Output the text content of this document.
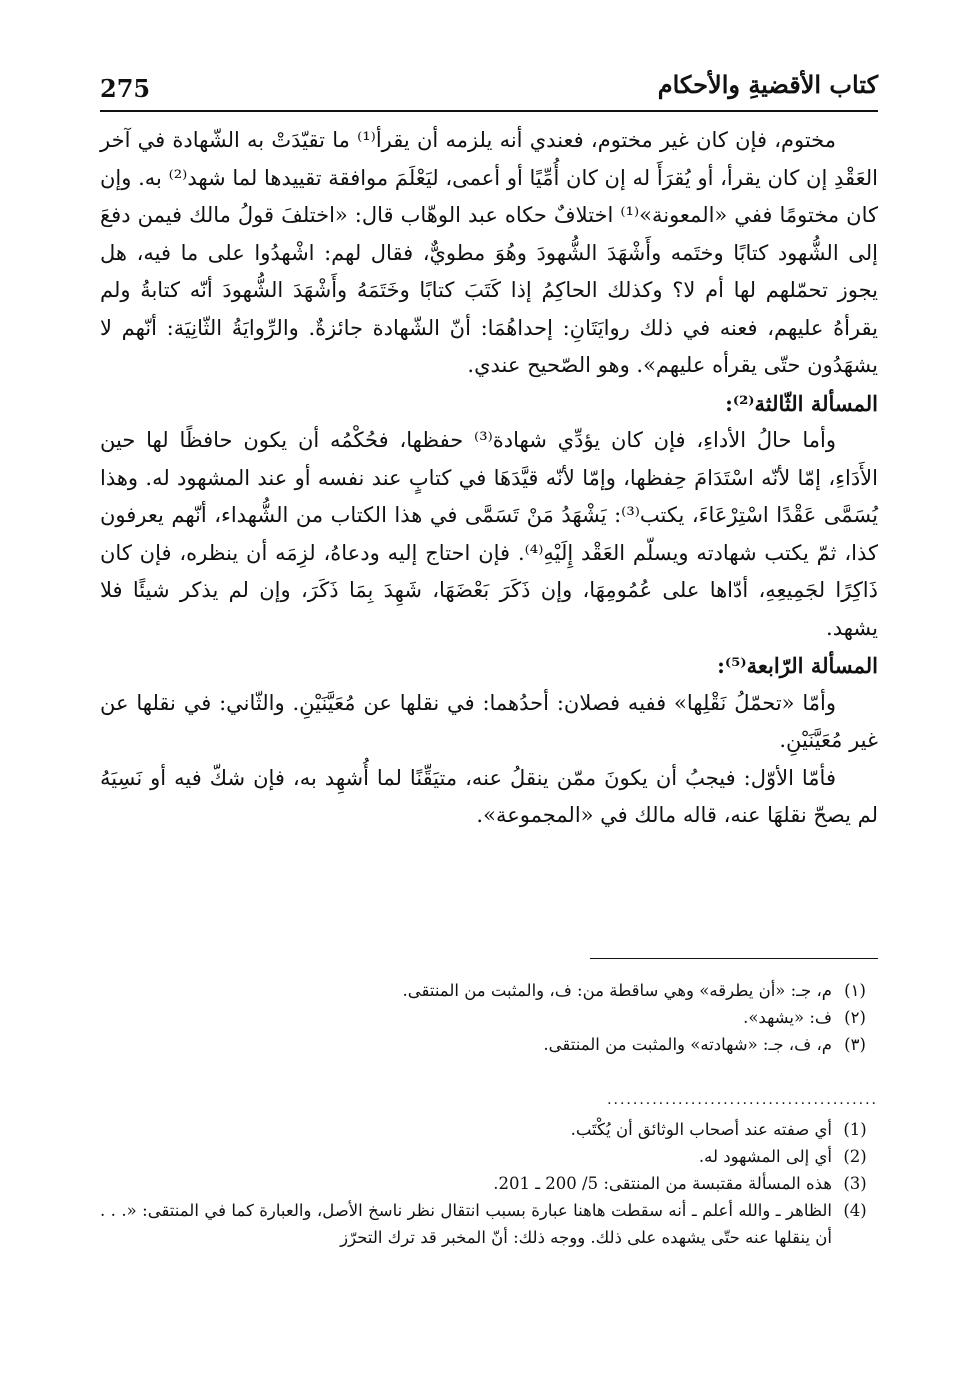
275	كتاب الأقضيةِ والأحكام

مختوم، فإن كان غير مختوم، فعندي أنه يلزمه أن يقرأ⁽¹⁾ ما تقيّدَتْ به الشّهادة في آخر العَقْدِ إن كان يقرأ، أو يُقرَأَ له إن كان أُمِّيًا أو أعمى، ليَعْلَمَ موافقة تقييدها لما شهد⁽²⁾ به. وإن كان مختومًا ففي «المعونة»⁽¹⁾ اختلافٌ حكاه عبد الوهّاب قال: «اختلفَ قولُ مالك فيمن دفعَ إلى الشُّهود كتابًا وختَمه وأَشْهَدَ الشُّهودَ وهُوَ مطويٌّ، فقال لهم: اشْهدُوا على ما فيه، هل يجوز تحمّلهم لها أم لا؟ وكذلك الحاكِمُ إذا كَتَبَ كتابًا وخَتَمَهُ وأَشْهَدَ الشُّهودَ أنّه كتابةُ ولم يقرأهُ عليهم، فعنه في ذلك روايَتَانِ: إحداهُمَا: أنّ الشّهادة جائزةٌ. والرِّوايَةُ الثّانِيَة: أنّهم لا يشهَدُون حتّى يقرأه عليهم». وهو الصّحيح عندي.

المسألة الثّالثة⁽²⁾:

وأما حالُ الأداءِ، فإن كان يؤدِّي شهادة⁽³⁾ حفظها، فحُكْمُه أن يكون حافظًا لها حين الأَدَاءِ، إمّا لأنّه اسْتَدَامَ حِفظها، وإمّا لأنّه قيَّدَهَا في كتابٍ عند نفسه أو عند المشهود له. وهذا يُسَمَّى عَقْدًا اسْتِرْعَاءَ، يكتب⁽³⁾: يَشْهَدُ مَنْ تَسَمَّى في هذا الكتاب من الشُّهداء، أنّهم يعرفون كذا، ثمّ يكتب شهادته ويسلّم العَقْد إِلَيْهِ⁽⁴⁾. فإن احتاج إليه ودعاهُ، لزِمَه أن ينظره، فإن كان ذَاكِرًا لجَمِيعِهِ، أدّاها على عُمُومِهَا، وإن ذَكَرَ بَعْضَهَا، شَهِدَ بِمَا ذَكَرَ، وإن لم يذكر شيئًا فلا يشهد.

المسألة الرّابعة⁽⁵⁾:

وأمّا «تحمّلُ نَقْلِها» ففيه فصلان: أحدُهما: في نقلها عن مُعَيَّنَيْنِ. والثّاني: في نقلها عن غير مُعَيَّنَيْنِ.

فأمّا الأوّل: فيجبُ أن يكونَ ممّن ينقلُ عنه، متيَقِّنًا لما أُشهِد به، فإن شكّ فيه أو نَسِيَهُ لم يصحّ نقلهَا عنه، قاله مالك في «المجموعة».

(١)
م، جـ: «أن يطرقه» وهي ساقطة من: ف، والمثبت من المنتقى.
(٢)
ف: «يشهد».
(٣)
م، ف، جـ: «شهادته» والمثبت من المنتقى.
..........................................
(1)
أي صفته عند أصحاب الوثائق أن يُكْتَب.
(2)
أي إلى المشهود له.
(3)
هذه المسألة مقتبسة من المنتقى: 5/ 200 ـ 201.
(4)
الظاهر ـ والله أعلم ـ أنه سقطت هاهنا عبارة بسبب انتقال نظر ناسخ الأصل، والعبارة كما في المنتقى: «. . . أن ينقلها عنه حتّى يشهده على ذلك. ووجه ذلك: أنّ المخبر قد ترك التحرّز
